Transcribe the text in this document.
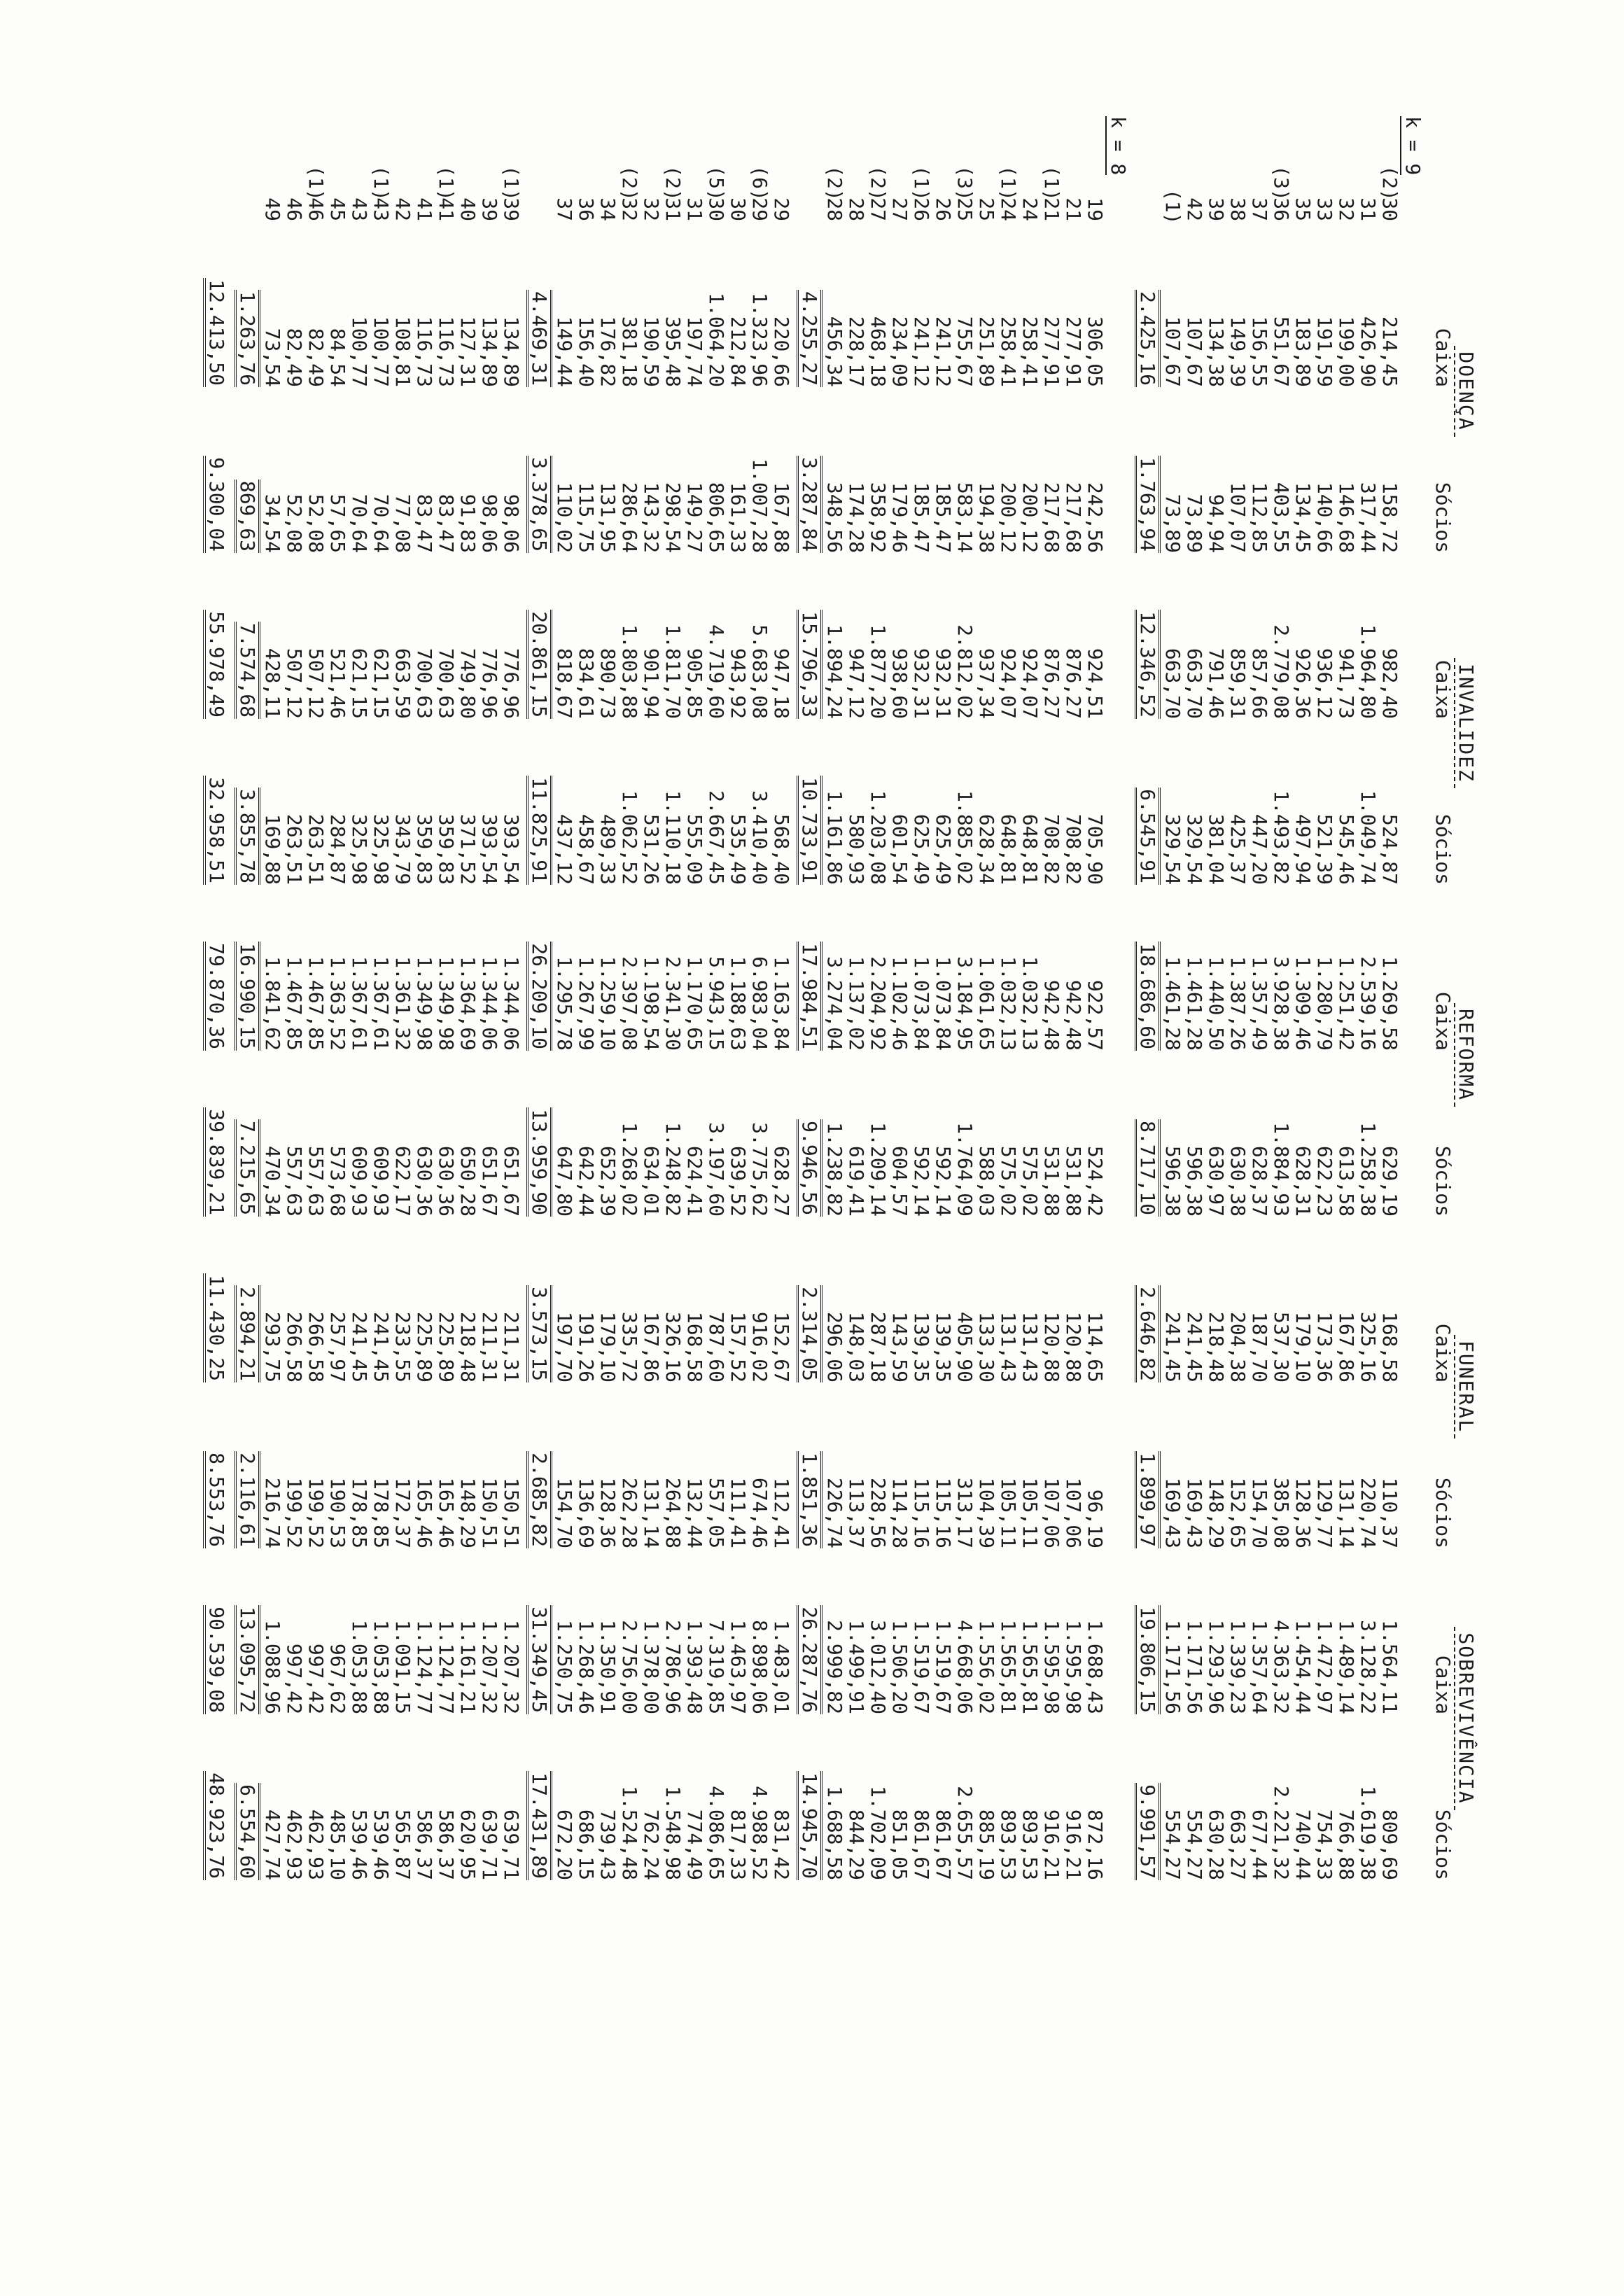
	DOENÇA		INVALIDEZ		REFORMA		FUNERAL		SOBREVIVÊNCIA	
	Caixa	Sócios	Caixa	Sócios	Caixa	Sócios	Caixa	Sócios	Caixa	Sócios
k = 9										
(2)30	214,45	158,72	982,40	524,87	1.269,58	629,19	168,58	110,37	1.564,11	809,69
31	426,90	317,44	1.964,80	1.049,74	2.539,16	1.258,38	325,16	220,74	3.128,22	1.619,38
32	199,00	146,68	941,73	545,46	1.251,42	613,58	167,86	131,14	1.489,14	766,88
33	191,59	140,66	936,12	521,39	1.280,79	622,23	173,36	129,77	1.472,97	754,33
35	183,89	134,45	926,36	497,94	1.309,46	628,31	179,10	128,36	1.454,44	740,44
(3)36	551,67	403,55	2.779,08	1.493,82	3.928,38	1.884,93	537,30	385,08	4.363,32	2.221,32
37	156,55	112,85	857,66	447,20	1.357,49	628,37	187,70	154,70	1.357,64	677,44
38	149,39	107,07	859,31	425,37	1.387,26	630,38	204,38	152,65	1.339,23	663,27
39	134,38	94,94	791,46	381,04	1.440,50	630,97	218,48	148,29	1.293,96	630,28
42	107,67	73,89	663,70	329,54	1.461,28	596,38	241,45	169,43	1.171,56	554,27
(1)	107,67	73,89	663,70	329,54	1.461,28	596,38	241,45	169,43	1.171,56	554,27
	2.425,16	1.763,94	12.346,52	6.545,91	18.686,60	8.717,10	2.646,82	1.899,97	19.806,15	9.991,57
k = 8										
19	306,05	242,56	924,51	705,90	922,57	524,42	114,65	96,19	1.688,43	872,16
21	277,91	217,68	876,27	708,82	942,48	531,88	120,88	107,06	1.595,98	916,21
(1)21	277,91	217,68	876,27	708,82	942,48	531,88	120,88	107,06	1.595,98	916,21
24	258,41	200,12	924,07	648,81	1.032,13	575,02	131,43	105,11	1.565,81	893,53
(1)24	258,41	200,12	924,07	648,81	1.032,13	575,02	131,43	105,11	1.565,81	893,53
25	251,89	194,38	937,34	628,34	1.061,65	588,03	133,30	104,39	1.556,02	885,19
(3)25	755,67	583,14	2.812,02	1.885,02	3.184,95	1.764,09	405,90	313,17	4.668,06	2.655,57
26	241,12	185,47	932,31	625,49	1.073,84	592,14	139,35	115,16	1.519,67	861,67
(1)26	241,12	185,47	932,31	625,49	1.073,84	592,14	139,35	115,16	1.519,67	861,67
27	234,09	179,46	938,60	601,54	1.102,46	604,57	143,59	114,28	1.506,20	851,05
(2)27	468,18	358,92	1.877,20	1.203,08	2.204,92	1.209,14	287,18	228,56	3.012,40	1.702,09
28	228,17	174,28	947,12	580,93	1.137,02	619,41	148,03	113,37	1.499,91	844,29
(2)28	456,34	348,56	1.894,24	1.161,86	3.274,04	1.238,82	296,06	226,74	2.999,82	1.688,58
	4.255,27	3.287,84	15.796,33	10.733,91	17.984,51	9.946,56	2.314,05	1.851,36	26.287,76	14.945,70
29	220,66	167,88	947,18	568,40	1.163,84	628,27	152,67	112,41	1.483,01	831,42
(6)29	1.323,96	1.007,28	5.683,08	3.410,40	6.983,04	3.775,62	916,02	674,46	8.898,06	4.988,52
30	212,84	161,33	943,92	535,49	1.188,63	639,52	157,52	111,41	1.463,97	817,33
(5)30	1.064,20	806,65	4.719,60	2.667,45	5.943,15	3.197,60	787,60	557,05	7.319,85	4.086,65
31	197,74	149,27	905,85	555,09	1.170,65	624,41	168,58	132,44	1.393,48	774,49
(2)31	395,48	298,54	1.811,70	1.110,18	2.341,30	1.248,82	326,16	264,88	2.786,96	1.548,98
32	190,59	143,32	901,94	531,26	1.198,54	634,01	167,86	131,14	1.378,00	762,24
(2)32	381,18	286,64	1.803,88	1.062,52	2.397,08	1.268,02	335,72	262,28	2.756,00	1.524,48
34	176,82	131,95	890,73	489,33	1.259,10	652,39	179,10	128,36	1.350,91	739,43
36	156,40	115,75	834,61	458,67	1.267,99	642,44	191,26	136,69	1.268,46	686,15
37	149,44	110,02	818,67	437,12	1.295,78	647,80	197,70	154,70	1.250,75	672,20
	4.469,31	3.378,65	20.861,15	11.825,91	26.209,10	13.959,90	3.573,15	2.685,82	31.349,45	17.431,89
(1)39	134,89	98,06	776,96	393,54	1.344,06	651,67	211,31	150,51	1.207,32	639,71
39	134,89	98,06	776,96	393,54	1.344,06	651,67	211,31	150,51	1.207,32	639,71
40	127,31	91,83	749,80	371,52	1.364,69	650,28	218,48	148,29	1.161,21	620,95
(1)41	116,73	83,47	700,63	359,83	1.349,98	630,36	225,89	165,46	1.124,77	586,37
41	116,73	83,47	700,63	359,83	1.349,98	630,36	225,89	165,46	1.124,77	586,37
42	108,81	77,08	663,59	343,79	1.361,32	622,17	233,55	172,37	1.091,15	565,87
(1)43	100,77	70,64	621,15	325,98	1.367,61	609,93	241,45	178,85	1.053,88	539,46
43	100,77	70,64	621,15	325,98	1.367,61	609,93	241,45	178,85	1.053,88	539,46
45	84,54	57,65	521,46	284,87	1.363,52	573,68	257,97	190,53	967,62	485,10
(1)46	82,49	52,08	507,12	263,51	1.467,85	557,63	266,58	199,52	997,42	462,93
46	82,49	52,08	507,12	263,51	1.467,85	557,63	266,58	199,52	997,42	462,93
49	73,54	34,54	428,11	169,88	1.841,62	470,34	293,75	216,74	1.088,96	427,74
	1.263,76	869,63	7.574,68	3.855,78	16.990,15	7.215,65	2.894,21	2.116,61	13.095,72	6.554,60
	12.413,50	9.300,04	55.978,49	32.958,51	79.870,36	39.839,21	11.430,25	8.553,76	90.539,08	48.923,76
